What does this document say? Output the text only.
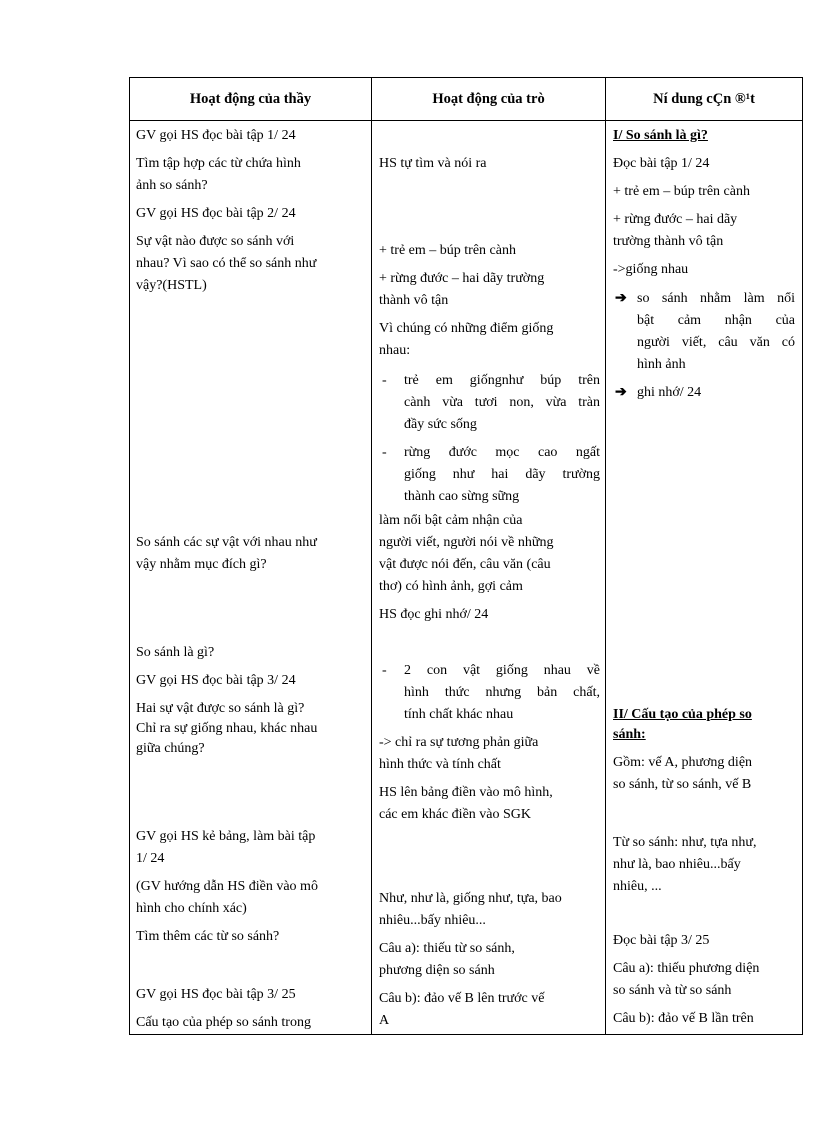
Hoạt động của thầy	Hoạt động của trò	Ní dung cÇn ®¹t
GV gọi HS đọc bài tập 1/ 24
Tìm tập hợp các từ chứa hình
ảnh so sánh?
GV gọi HS đọc bài tập 2/ 24
Sự vật nào được so sánh với
nhau? Vì sao có thể so sánh như
vậy?(HSTL)
So sánh các sự vật với nhau như
vậy nhằm mục đích gì?
So sánh là gì?
GV gọi HS đọc bài tập 3/ 24
Hai sự vật được so sánh là gì?
Chỉ ra sự giống nhau, khác nhau
giữa chúng?
GV gọi HS kẻ bảng, làm bài tập
1/ 24
(GV hướng dẫn HS điền vào mô
hình cho chính xác)
Tìm thêm các từ so sánh?
GV gọi HS đọc bài tập 3/ 25
Cấu tạo của phép so sánh trong
HS tự tìm và nói ra
+ trẻ em – búp trên cành
+ rừng đước – hai dãy trường
thành vô tận
Vì chúng có những điểm giống
nhau:
- trẻ em giốngnhư búp trên
cành vừa tươi non, vừa tràn
đầy sức sống
- rừng đước mọc cao ngất
giống như hai dãy trường
thành cao sừng sững
làm nổi bật cảm nhận của
người viết, người nói về những
vật được nói đến, câu văn (câu
thơ) có hình ảnh, gợi cảm
HS đọc ghi nhớ/ 24
- 2 con vật giống nhau về
hình thức nhưng bản chất,
tính chất khác nhau
-> chỉ ra sự tương phản giữa
hình thức và tính chất
HS lên bảng điền vào mô hình,
các em khác điền vào SGK
Như, như là, giống như, tựa, bao
nhiêu...bấy nhiêu...
Câu a): thiếu từ so sánh,
phương diện so sánh
Câu b): đảo vế B lên trước vế
A
I/ So sánh là gì?
Đọc bài tập 1/ 24
+ trẻ em – búp trên cành
+ rừng đước – hai dãy
trường thành vô tận
->giống nhau
➔ so sánh nhằm làm nổi
bật cảm nhận của
người viết, câu văn có
hình ảnh
➔ ghi nhớ/ 24
II/ Cấu tạo của phép so
sánh:
Gồm: vế A, phương diện
so sánh, từ so sánh, vế B
Từ so sánh: như, tựa như,
như là, bao nhiêu...bấy
nhiêu, ...
Đọc bài tập 3/ 25
Câu a): thiếu phương diện
so sánh và từ so sánh
Câu b): đảo vế B lần trên
